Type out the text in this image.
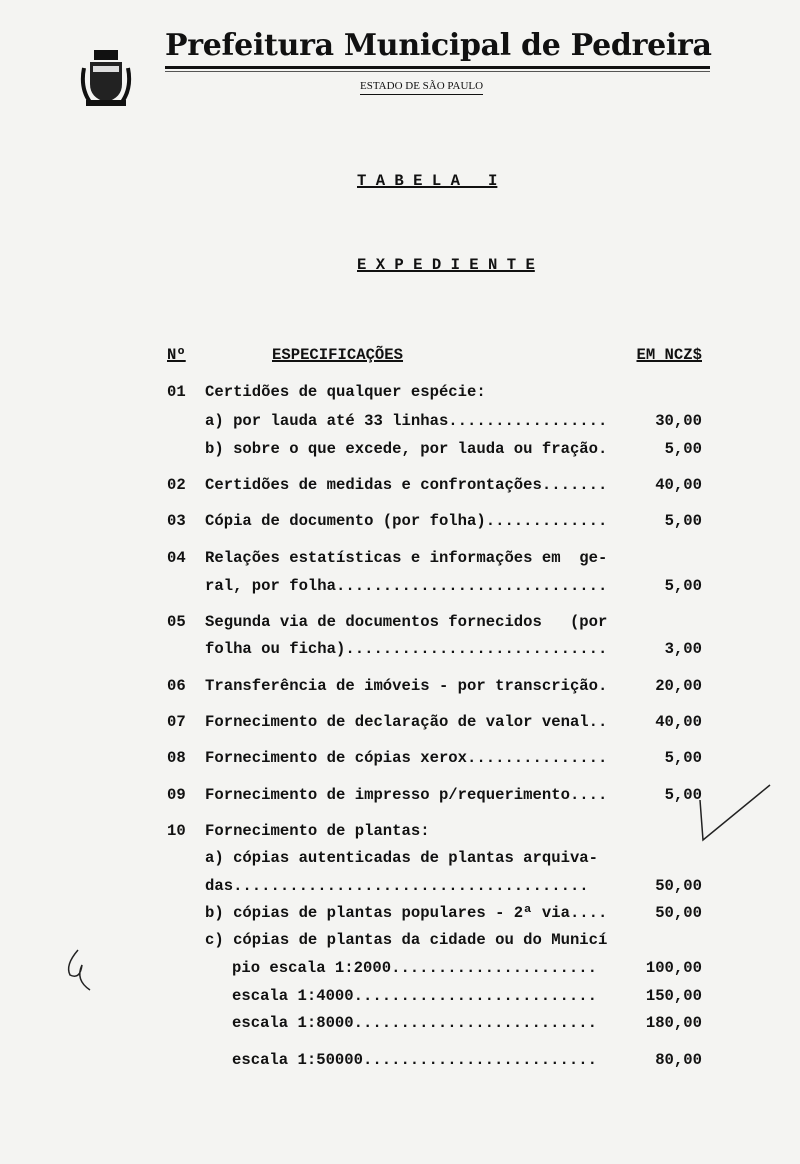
Prefeitura Municipal de Pedreira
ESTADO DE SÃO PAULO
T A B E L A   I
E X P E D I E N T E
Nº	ESPECIFICAÇÕES	EM NCZ$
01 Certidões de qualquer espécie:
a) por lauda até 33 linhas.................	30,00
b) sobre o que excede, por lauda ou fração.	5,00
02 Certidões de medidas e confrontações.......	40,00
03 Cópia de documento (por folha).............	5,00
04 Relações estatísticas e informações em  ge-
ral, por folha.............................	5,00
05 Segunda via de documentos fornecidos   (por
folha ou ficha)............................	3,00
06 Transferência de imóveis - por transcrição.	20,00
07 Fornecimento de declaração de valor venal..	40,00
08 Fornecimento de cópias xerox...............	5,00
09 Fornecimento de impresso p/requerimento....	5,00
10 Fornecimento de plantas:
a) cópias autenticadas de plantas arquiva-
das......................................	50,00
b) cópias de plantas populares - 2ª via....	50,00
c) cópias de plantas da cidade ou do Municí
pio escala 1:2000......................	100,00
escala 1:4000..........................	150,00
escala 1:8000..........................	180,00
escala 1:50000.........................	80,00
